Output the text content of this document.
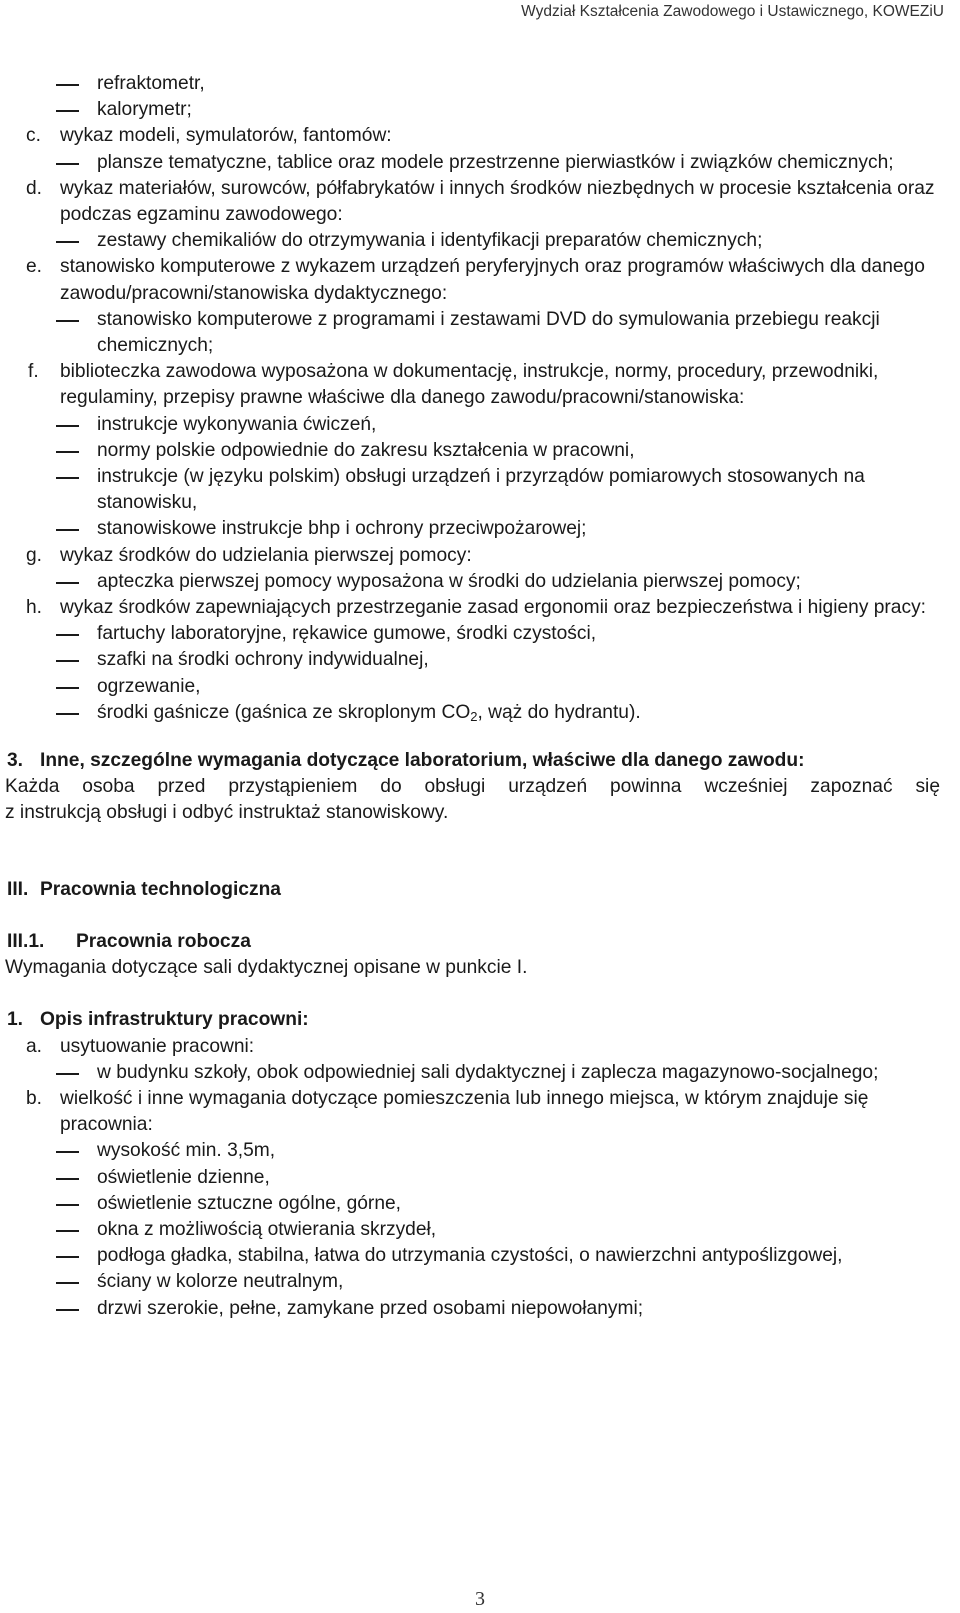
Wydział Kształcenia Zawodowego i Ustawicznego, KOWEZiU
refraktometr,
kalorymetr;
c. wykaz modeli, symulatorów, fantomów:
plansze tematyczne, tablice oraz modele przestrzenne pierwiastków i związków chemicznych;
d. wykaz materiałów, surowców, półfabrykatów i innych środków niezbędnych w procesie kształcenia oraz podczas egzaminu zawodowego:
zestawy chemikaliów do otrzymywania i identyfikacji preparatów chemicznych;
e. stanowisko komputerowe z wykazem urządzeń peryferyjnych oraz programów właściwych dla danego zawodu/pracowni/stanowiska dydaktycznego:
stanowisko komputerowe z programami i zestawami DVD do symulowania przebiegu reakcji chemicznych;
f.	biblioteczka zawodowa wyposażona w dokumentację, instrukcje, normy, procedury, przewodniki, regulaminy, przepisy prawne właściwe dla danego zawodu/pracowni/stanowiska:
instrukcje wykonywania ćwiczeń,
normy polskie odpowiednie do zakresu kształcenia w pracowni,
instrukcje (w języku polskim) obsługi urządzeń i przyrządów pomiarowych stosowanych na stanowisku,
stanowiskowe instrukcje bhp i ochrony przeciwpożarowej;
g. wykaz środków do udzielania pierwszej pomocy:
apteczka pierwszej pomocy wyposażona w środki do udzielania pierwszej pomocy;
h. wykaz środków zapewniających przestrzeganie zasad ergonomii oraz bezpieczeństwa i higieny pracy:
fartuchy laboratoryjne, rękawice gumowe, środki czystości,
szafki na środki ochrony indywidualnej,
ogrzewanie,
środki gaśnicze (gaśnica ze skroplonym $CO_2$, wąż do hydrantu).
3. Inne, szczególne wymagania dotyczące laboratorium, właściwe dla danego zawodu:
Każda osoba przed przystąpieniem do obsługi urządzeń powinna wcześniej zapoznać się
z instrukcją obsługi i odbyć instruktaż stanowiskowy.
III. Pracownia technologiczna
III.1.	Pracownia robocza
Wymagania dotyczące sali dydaktycznej opisane w punkcie I.
1. Opis infrastruktury pracowni:
a. usytuowanie pracowni:
w budynku szkoły, obok odpowiedniej sali dydaktycznej i zaplecza magazynowo-socjalnego;
b. wielkość i inne wymagania dotyczące pomieszczenia lub innego miejsca, w którym znajduje się pracownia:
wysokość min. 3,5m,
oświetlenie dzienne,
oświetlenie sztuczne ogólne, górne,
okna z możliwością otwierania skrzydeł,
podłoga gładka, stabilna, łatwa do utrzymania czystości, o nawierzchni antypoślizgowej,
ściany w kolorze neutralnym,
drzwi szerokie, pełne, zamykane przed osobami niepowołanymi;
3
